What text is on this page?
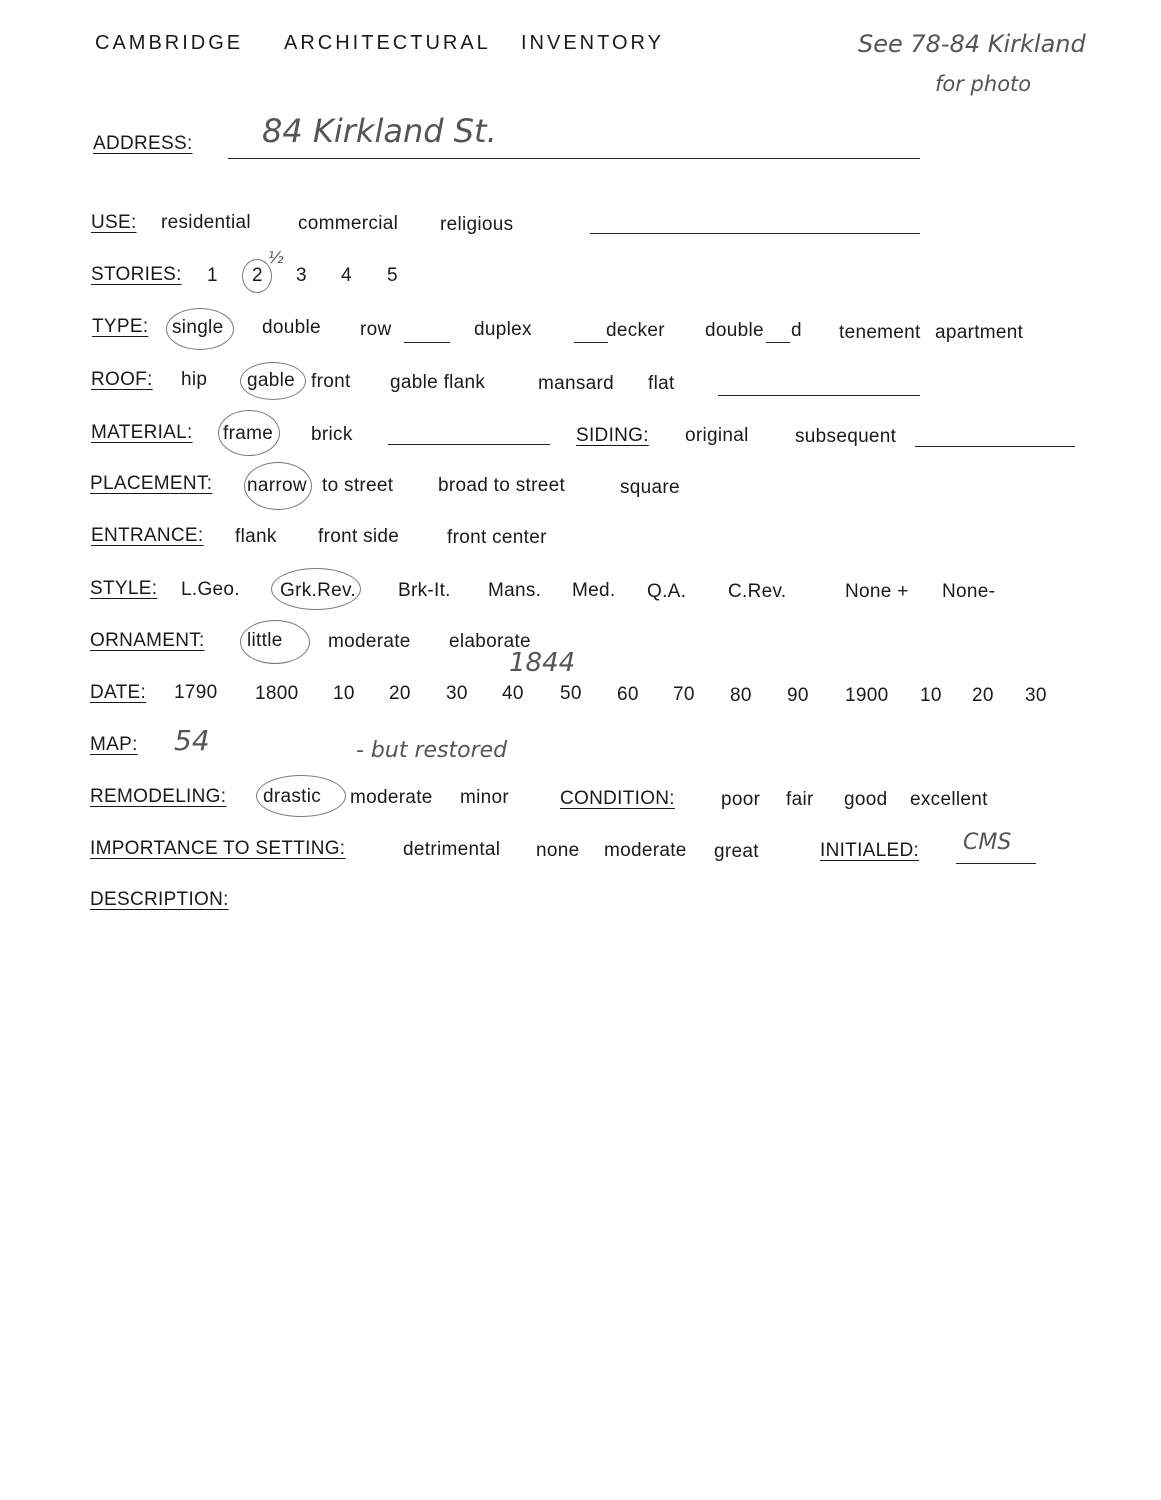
CAMBRIDGE ARCHITECTURAL INVENTORY	See 78-84 Kirkland
for photo
ADDRESS: 84 Kirkland St.
USE: residential commercial religious
STORIES: 1 2 3 4 5
½
TYPE: single double row	duplex	decker double d tenement apartment
ROOF: hip gable front gable flank	mansard flat
MATERIAL: frame brick	SIDING: original subsequent
PLACEMENT: narrow to street broad to street	square
ENTRANCE: flank front side	front center
STYLE: L.Geo. Grk.Rev. Brk-It. Mans. Med. Q.A. C.Rev.	None + None-
ORNAMENT: little moderate elaborate
1844
DATE: 1790 1800 10 20 30 40 50 60 70 80 90 1900 10 20 30
MAP: 54	- but restored
REMODELING: drastic moderate minor	CONDITION: poor fair good excellent
IMPORTANCE TO SETTING:	detrimental none moderate great	INITIALED: CMS
DESCRIPTION:
